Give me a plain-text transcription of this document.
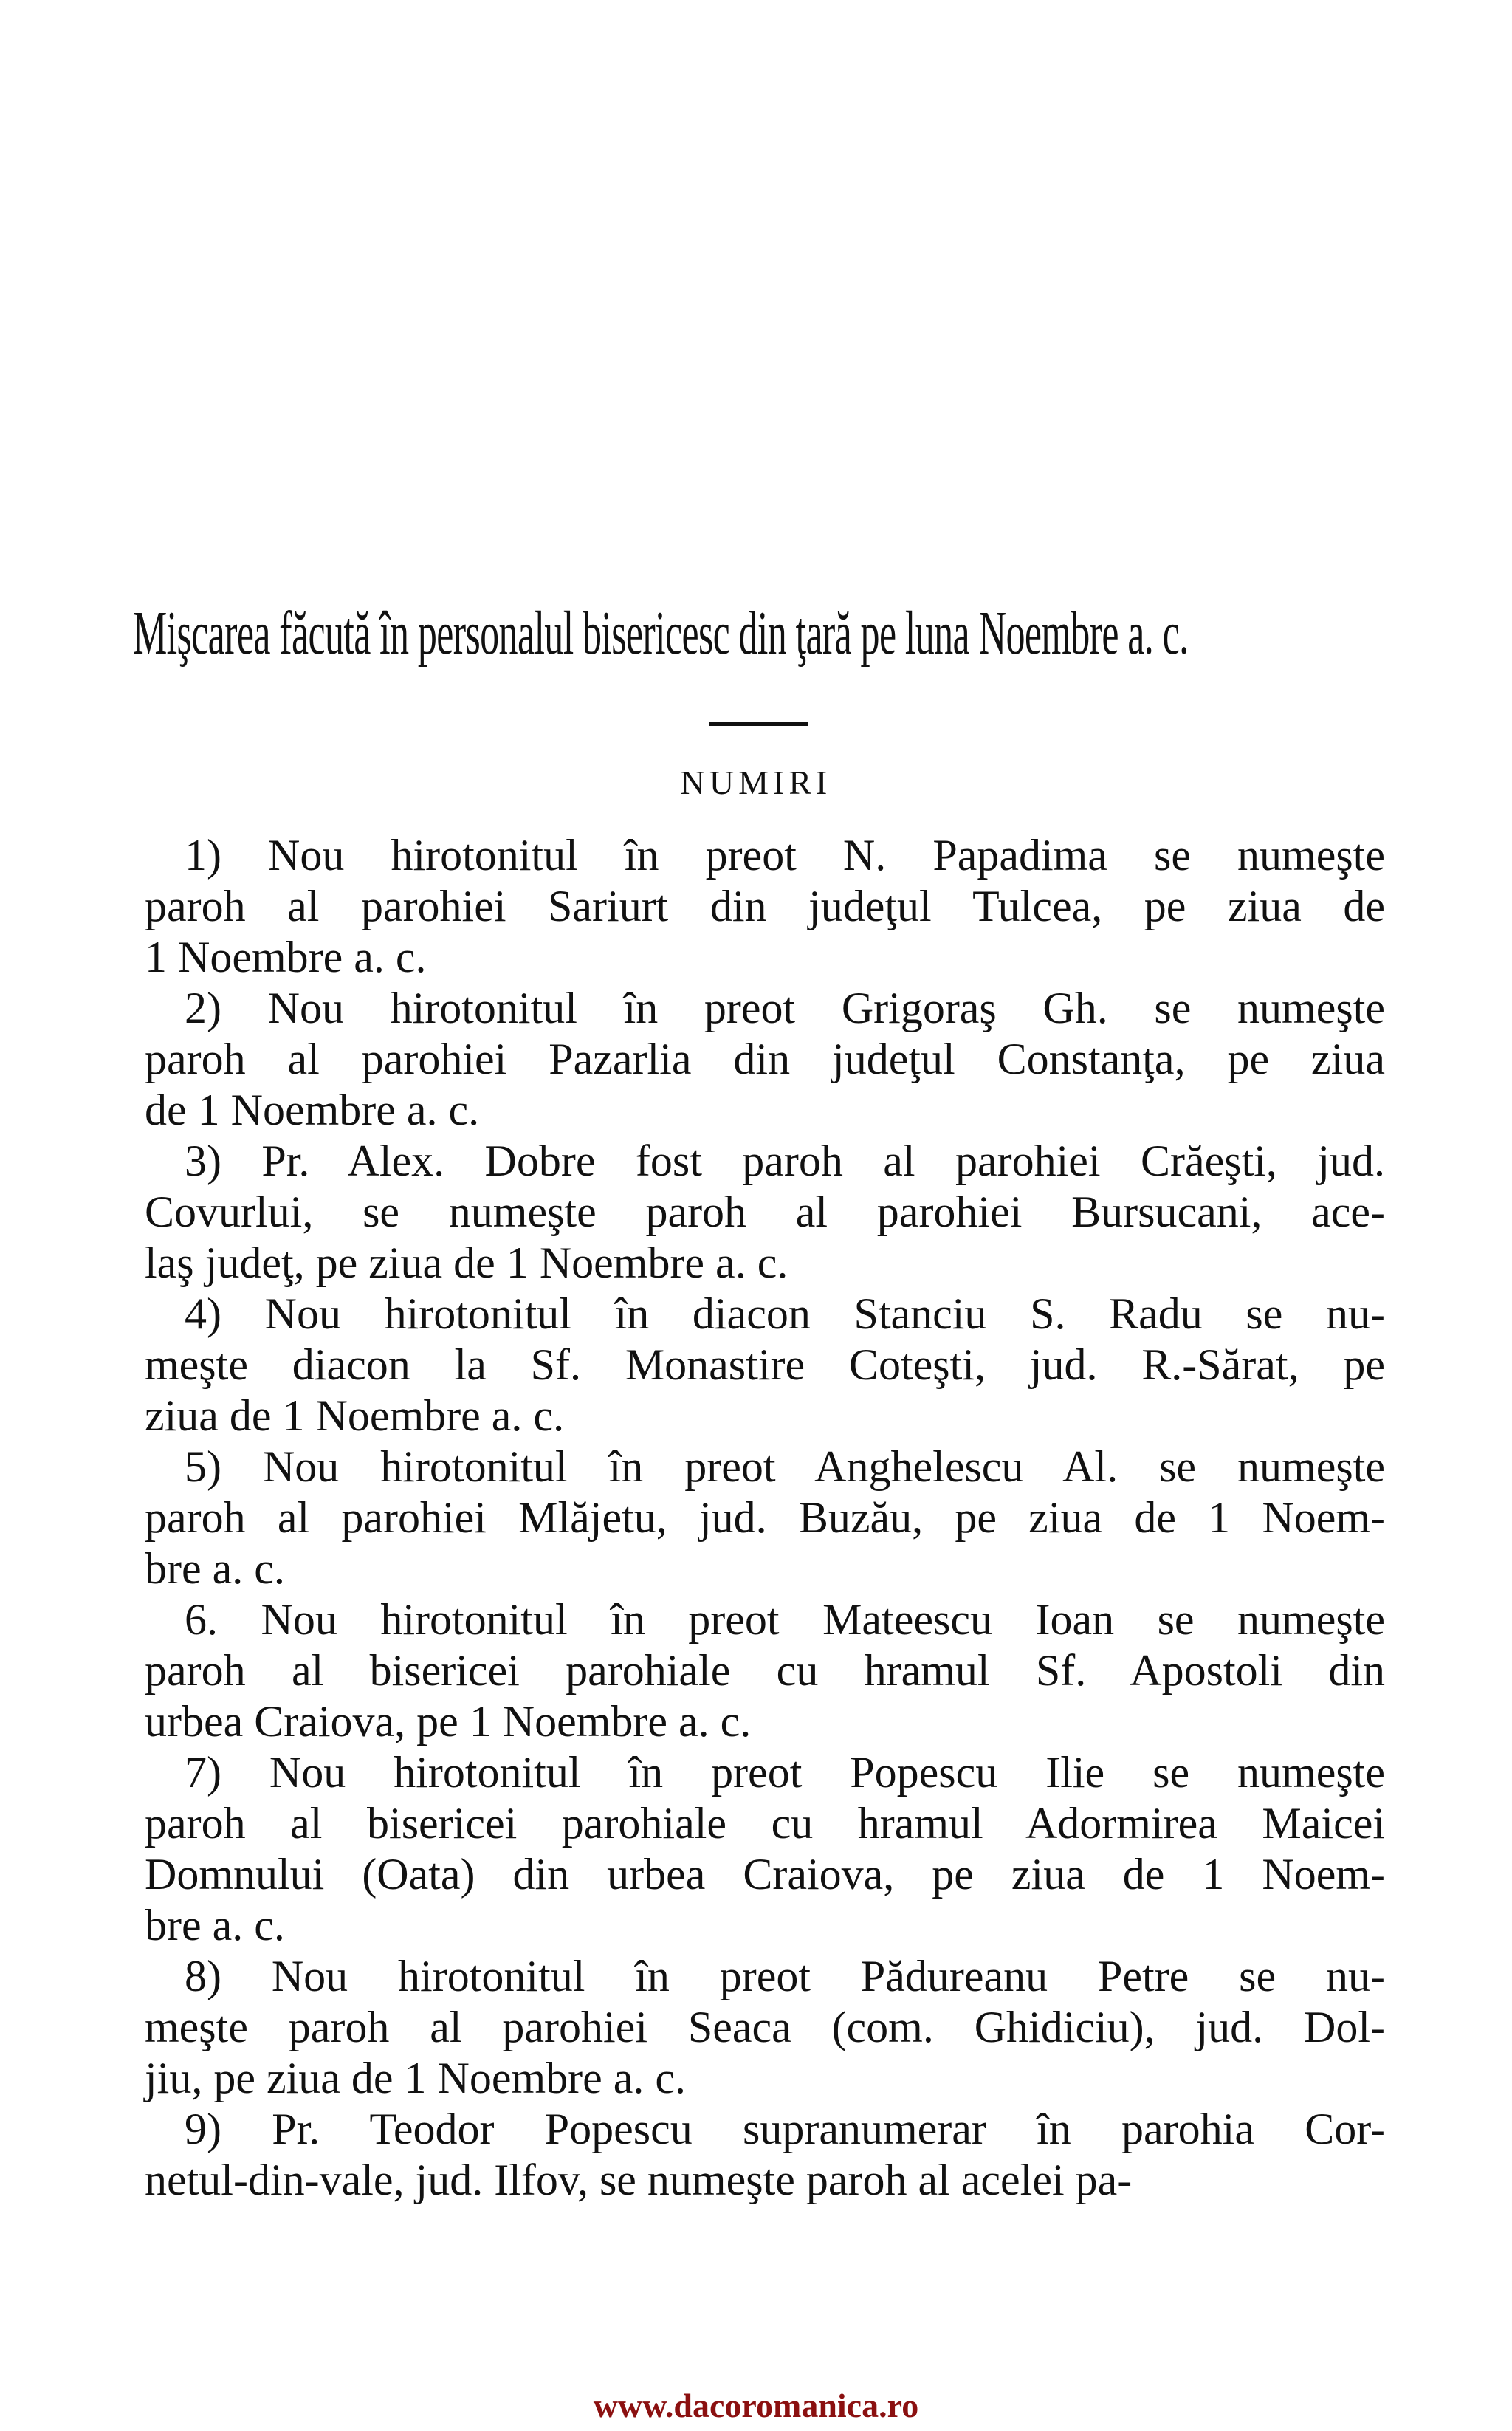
Mişcarea făcută în personalul bisericesc din ţară pe luna Noembre a. c.
NUMIRI
1) Nou hirotonitul în preot N. Papadima se numeşte
paroh al parohiei Sariurt din judeţul Tulcea, pe ziua de
1 Noembre a. c.
2) Nou hirotonitul în preot Grigoraş Gh. se numeşte
paroh al parohiei Pazarlia din judeţul Constanţa, pe ziua
de 1 Noembre a. c.
3) Pr. Alex. Dobre fost paroh al parohiei Crăeşti, jud.
Covurlui, se numeşte paroh al parohiei Bursucani, ace-
laş judeţ, pe ziua de 1 Noembre a. c.
4) Nou hirotonitul în diacon Stanciu S. Radu se nu-
meşte diacon la Sf. Monastire Coteşti, jud. R.-Sărat, pe
ziua de 1 Noembre a. c.
5) Nou hirotonitul în preot Anghelescu Al. se numeşte
paroh al parohiei Mlăjetu, jud. Buzău, pe ziua de 1 Noem-
bre a. c.
6. Nou hirotonitul în preot Mateescu Ioan se numeşte
paroh al bisericei parohiale cu hramul Sf. Apostoli din
urbea Craiova, pe 1 Noembre a. c.
7) Nou hirotonitul în preot Popescu Ilie se numeşte
paroh al bisericei parohiale cu hramul Adormirea Maicei
Domnului (Oata) din urbea Craiova, pe ziua de 1 Noem-
bre a. c.
8) Nou hirotonitul în preot Pădureanu Petre se nu-
meşte paroh al parohiei Seaca (com. Ghidiciu), jud. Dol-
jiu, pe ziua de 1 Noembre a. c.
9) Pr. Teodor Popescu supranumerar în parohia Cor-
netul-din-vale, jud. Ilfov, se numeşte paroh al acelei pa-
www.dacoromanica.ro
